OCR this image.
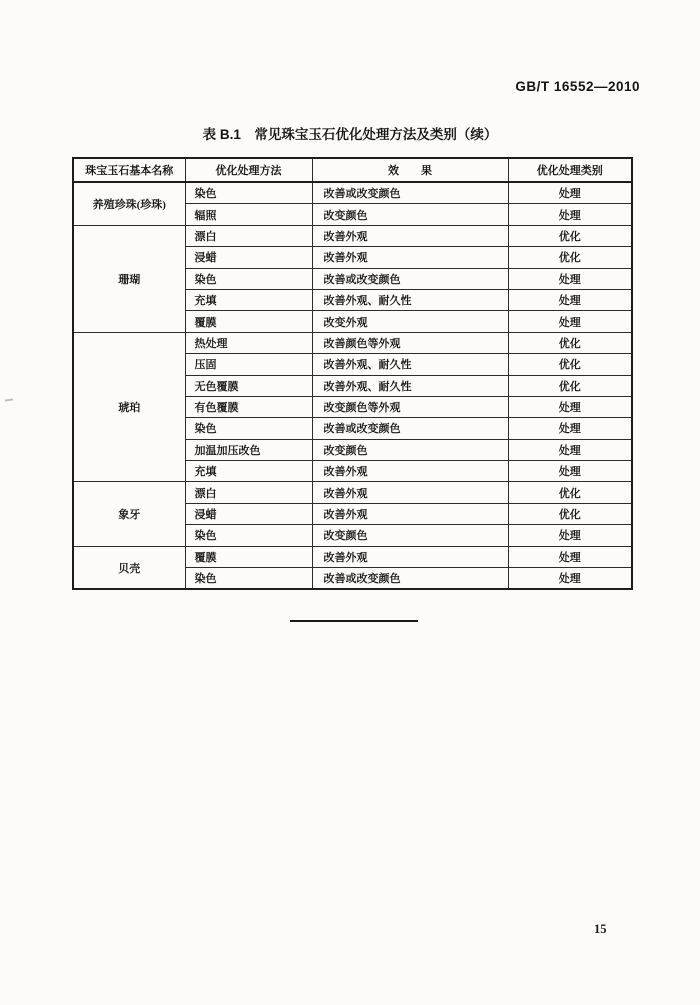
GB/T 16552—2010
表 B.1　常见珠宝玉石优化处理方法及类别（续）
珠宝玉石基本名称	优化处理方法	效　　果	优化处理类别
养殖珍珠(珍珠)	染色	改善或改变颜色	处理
	辐照	改变颜色	处理
珊瑚	漂白	改善外观	优化
	浸蜡	改善外观	优化
	染色	改善或改变颜色	处理
	充填	改善外观、耐久性	处理
	覆膜	改变外观	处理
琥珀	热处理	改善颜色等外观	优化
	压固	改善外观、耐久性	优化
	无色覆膜	改善外观、耐久性	优化
	有色覆膜	改变颜色等外观	处理
	染色	改善或改变颜色	处理
	加温加压改色	改变颜色	处理
	充填	改善外观	处理
象牙	漂白	改善外观	优化
	浸蜡	改善外观	优化
	染色	改变颜色	处理
贝壳	覆膜	改善外观	处理
	染色	改善或改变颜色	处理
15
